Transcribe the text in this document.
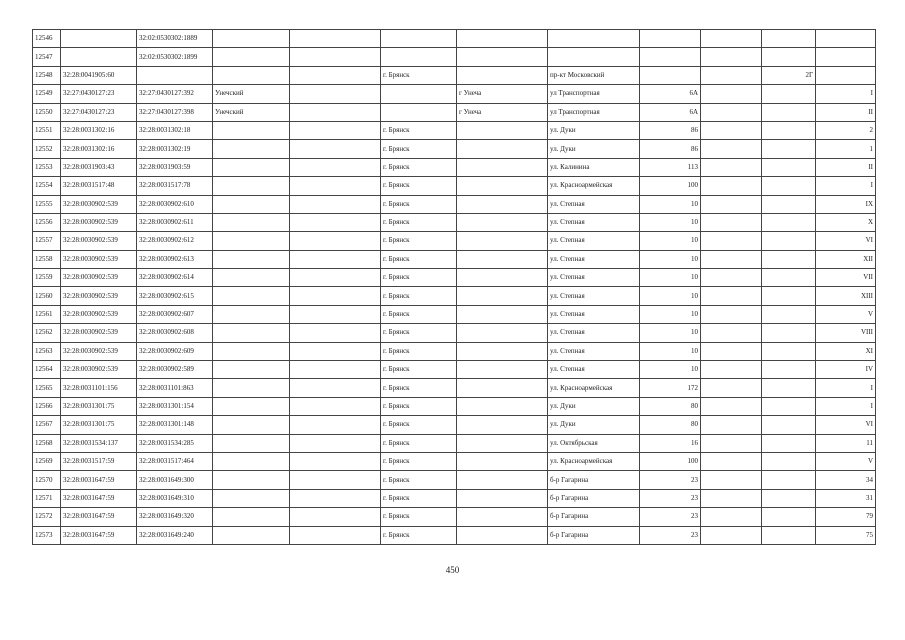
12546		32:02:0530302:1889									
12547		32:02:0530302:1899									
12548	32:28:0041905:60				г. Брянск		пр-кт Московский			2Г	
12549	32:27:0430127:23	32:27:0430127:392	Унечский			г Унеча	ул Транспортная	6А			I
12550	32:27:0430127:23	32:27:0430127:398	Унечский			г Унеча	ул Транспортная	6А			II
12551	32:28:0031302:16	32:28:0031302:18			г. Брянск		ул. Дуки	86			2
12552	32:28:0031302:16	32:28:0031302:19			г. Брянск		ул. Дуки	86			1
12553	32:28:0031903:43	32:28:0031903:59			г. Брянск		ул. Калинина	113			II
12554	32:28:0031517:48	32:28:0031517:78			г. Брянск		ул. Красноармейская	100			I
12555	32:28:0030902:539	32:28:0030902:610			г. Брянск		ул. Степная	10			IX
12556	32:28:0030902:539	32:28:0030902:611			г. Брянск		ул. Степная	10			X
12557	32:28:0030902:539	32:28:0030902:612			г. Брянск		ул. Степная	10			VI
12558	32:28:0030902:539	32:28:0030902:613			г. Брянск		ул. Степная	10			XII
12559	32:28:0030902:539	32:28:0030902:614			г. Брянск		ул. Степная	10			VII
12560	32:28:0030902:539	32:28:0030902:615			г. Брянск		ул. Степная	10			XIII
12561	32:28:0030902:539	32:28:0030902:607			г. Брянск		ул. Степная	10			V
12562	32:28:0030902:539	32:28:0030902:608			г. Брянск		ул. Степная	10			VIII
12563	32:28:0030902:539	32:28:0030902:609			г. Брянск		ул. Степная	10			XI
12564	32:28:0030902:539	32:28:0030902:589			г. Брянск		ул. Степная	10			IV
12565	32:28:0031101:156	32:28:0031101:863			г. Брянск		ул. Красноармейская	172			I
12566	32:28:0031301:75	32:28:0031301:154			г. Брянск		ул. Дуки	80			I
12567	32:28:0031301:75	32:28:0031301:148			г. Брянск		ул. Дуки	80			VI
12568	32:28:0031534:137	32:28:0031534:285			г. Брянск		ул. Октябрьская	16			11
12569	32:28:0031517:59	32:28:0031517:464			г. Брянск		ул. Красноармейская	100			V
12570	32:28:0031647:59	32:28:0031649:300			г. Брянск		б-р Гагарина	23			34
12571	32:28:0031647:59	32:28:0031649:310			г. Брянск		б-р Гагарина	23			31
12572	32:28:0031647:59	32:28:0031649:320			г. Брянск		б-р Гагарина	23			79
12573	32:28:0031647:59	32:28:0031649:240			г. Брянск		б-р Гагарина	23			75
450
